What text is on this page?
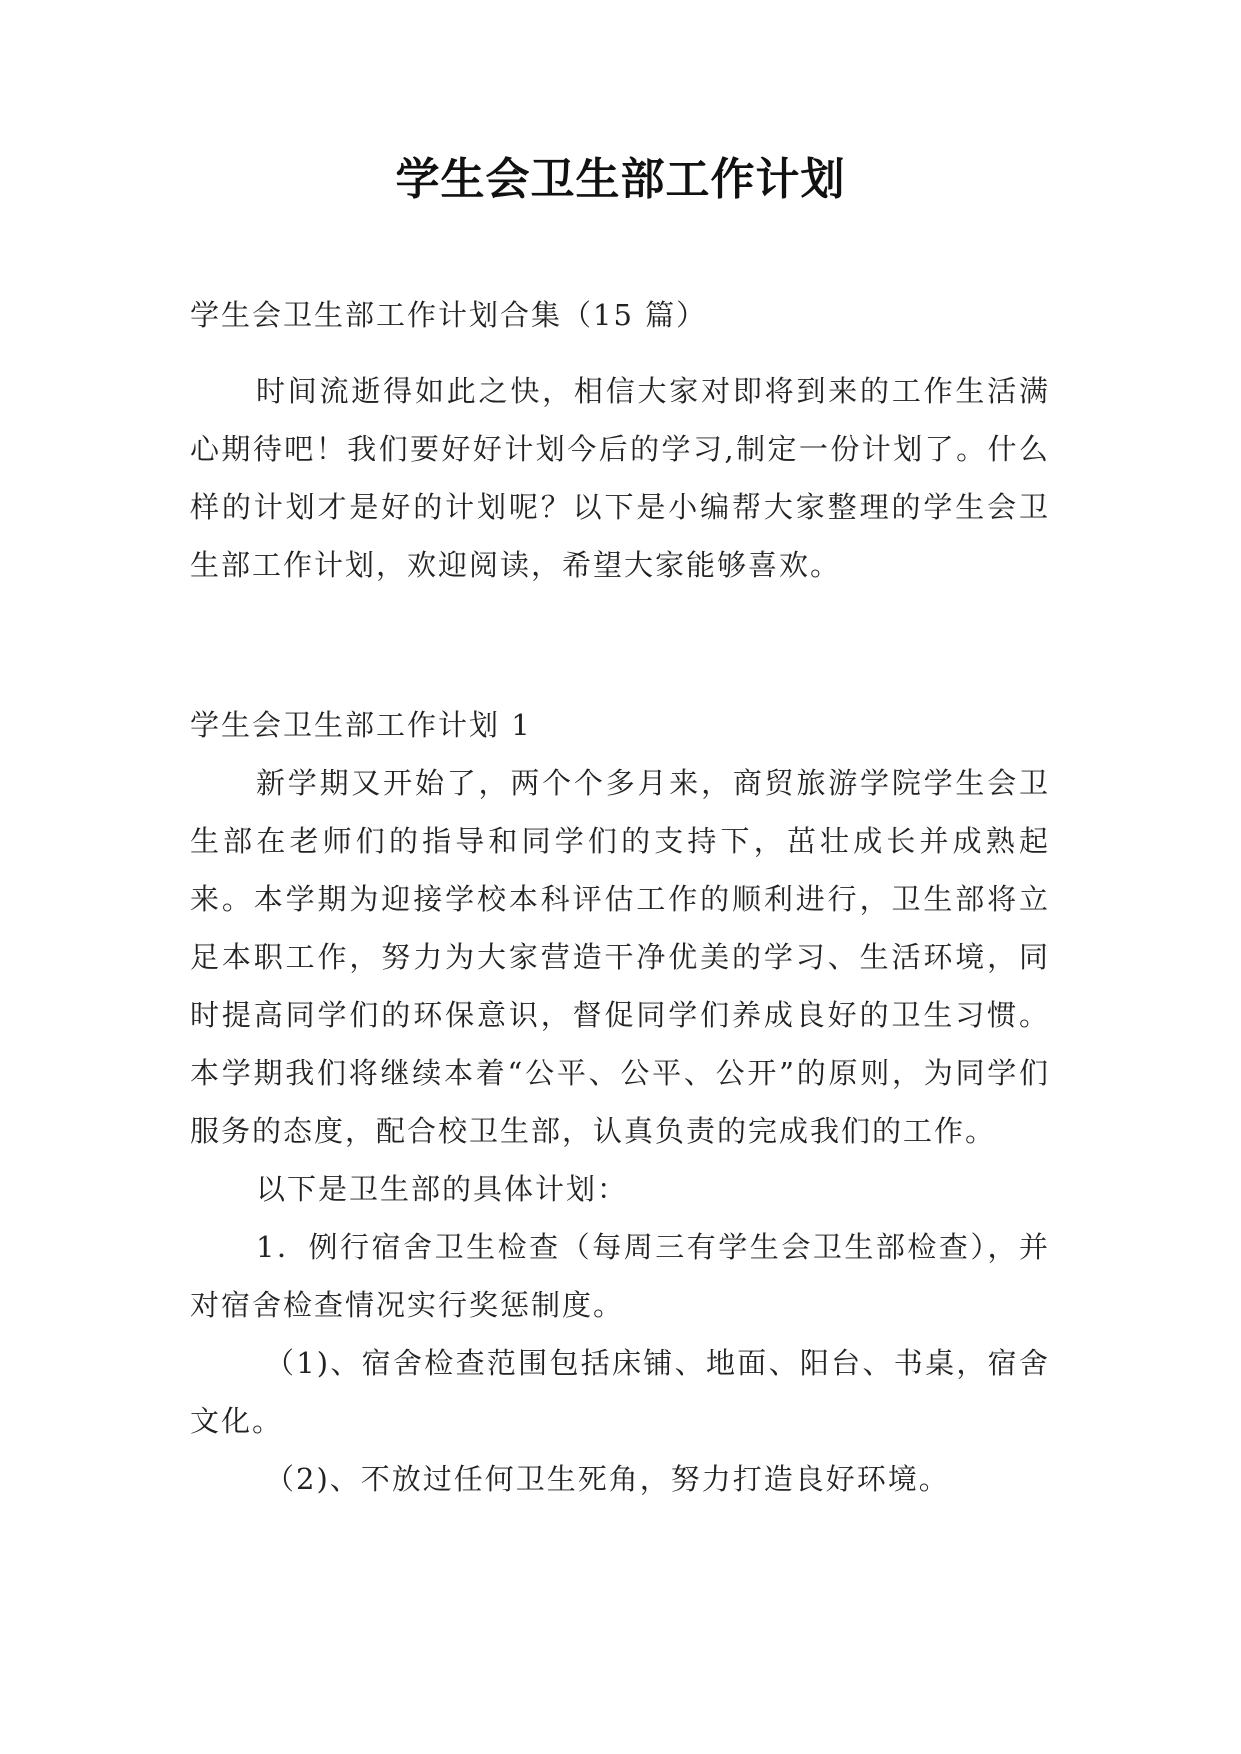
学生会卫生部工作计划
学生会卫生部工作计划合集（15 篇）

时间流逝得如此之快，相信大家对即将到来的工作生活满心期待吧！我们要好好计划今后的学习,制定一份计划了。什么样的计划才是好的计划呢？以下是小编帮大家整理的学生会卫生部工作计划，欢迎阅读，希望大家能够喜欢。

学生会卫生部工作计划 1

新学期又开始了，两个个多月来，商贸旅游学院学生会卫生部在老师们的指导和同学们的支持下，茁壮成长并成熟起来。本学期为迎接学校本科评估工作的顺利进行，卫生部将立足本职工作，努力为大家营造干净优美的学习、生活环境，同时提高同学们的环保意识，督促同学们养成良好的卫生习惯。本学期我们将继续本着“公平、公平、公开”的原则，为同学们服务的态度，配合校卫生部，认真负责的完成我们的工作。

以下是卫生部的具体计划：

1．例行宿舍卫生检查（每周三有学生会卫生部检查），并对宿舍检查情况实行奖惩制度。

（1)、宿舍检查范围包括床铺、地面、阳台、书桌，宿舍文化。

（2)、不放过任何卫生死角，努力打造良好环境。
